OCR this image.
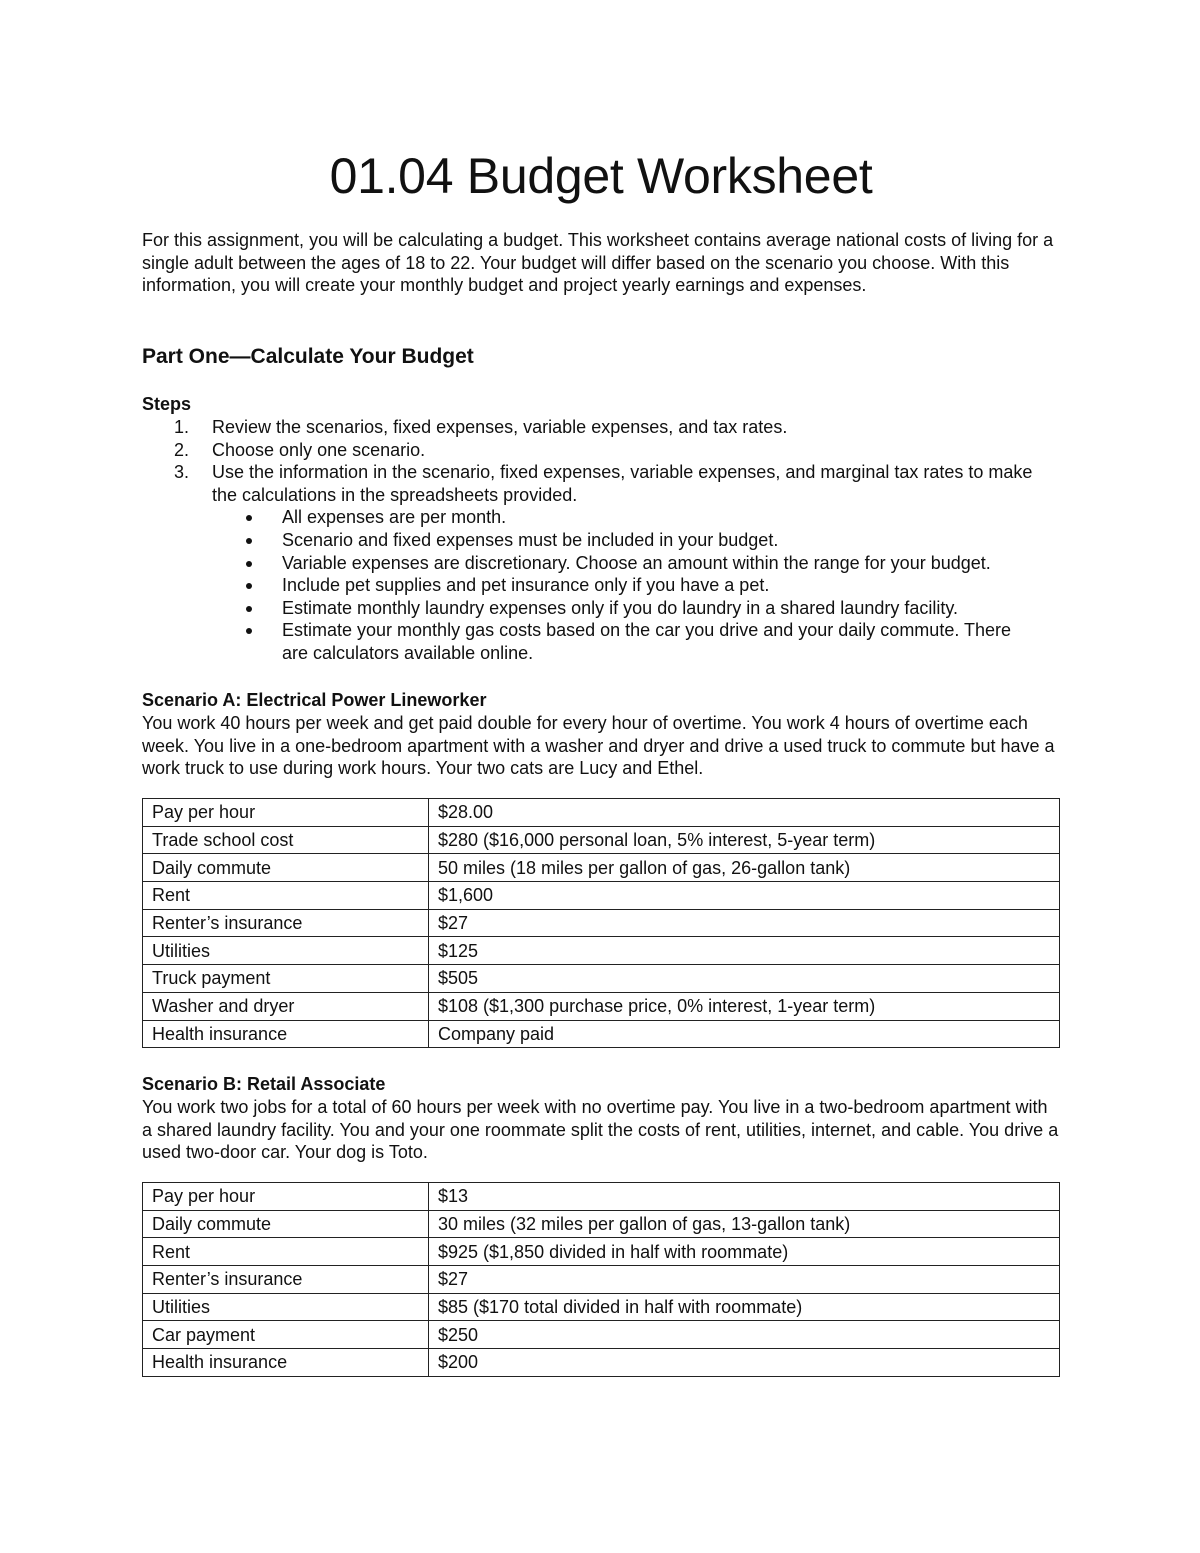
01.04 Budget Worksheet

For this assignment, you will be calculating a budget. This worksheet contains average national costs of living for a single adult between the ages of 18 to 22. Your budget will differ based on the scenario you choose. With this information, you will create your monthly budget and project yearly earnings and expenses.

Part One—Calculate Your Budget
Steps
1. Review the scenarios, fixed expenses, variable expenses, and tax rates.
2. Choose only one scenario.
3. Use the information in the scenario, fixed expenses, variable expenses, and marginal tax rates to make the calculations in the spreadsheets provided.
All expenses are per month.
Scenario and fixed expenses must be included in your budget.
Variable expenses are discretionary. Choose an amount within the range for your budget.
Include pet supplies and pet insurance only if you have a pet.
Estimate monthly laundry expenses only if you do laundry in a shared laundry facility.
Estimate your monthly gas costs based on the car you drive and your daily commute. There are calculators available online.
Scenario A: Electrical Power Lineworker
You work 40 hours per week and get paid double for every hour of overtime. You work 4 hours of overtime each week. You live in a one-bedroom apartment with a washer and dryer and drive a used truck to commute but have a work truck to use during work hours. Your two cats are Lucy and Ethel.
Pay per hour	$28.00
Trade school cost	$280 ($16,000 personal loan, 5% interest, 5-year term)
Daily commute	50 miles (18 miles per gallon of gas, 26-gallon tank)
Rent	$1,600
Renter’s insurance	$27
Utilities	$125
Truck payment	$505
Washer and dryer	$108 ($1,300 purchase price, 0% interest, 1-year term)
Health insurance	Company paid
Scenario B: Retail Associate
You work two jobs for a total of 60 hours per week with no overtime pay. You live in a two-bedroom apartment with a shared laundry facility. You and your one roommate split the costs of rent, utilities, internet, and cable. You drive a used two-door car. Your dog is Toto.
Pay per hour	$13
Daily commute	30 miles (32 miles per gallon of gas, 13-gallon tank)
Rent	$925 ($1,850 divided in half with roommate)
Renter’s insurance	$27
Utilities	$85 ($170 total divided in half with roommate)
Car payment	$250
Health insurance	$200
